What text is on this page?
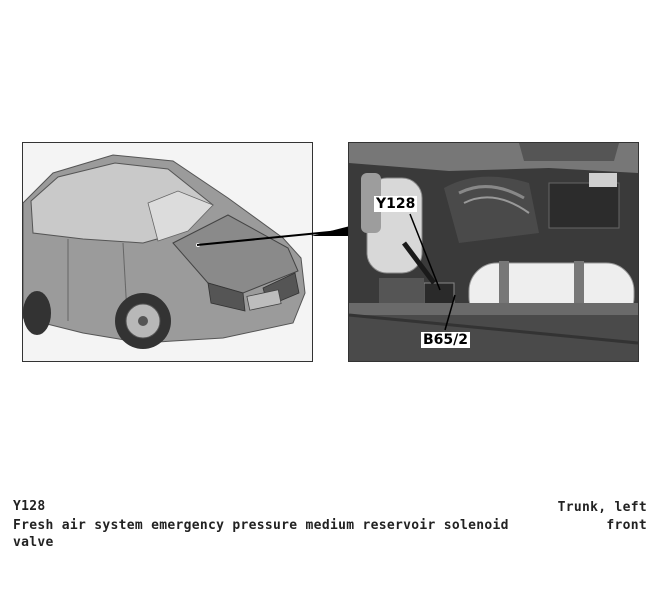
Y128
B65/2
Y128
Fresh air system emergency pressure medium reservoir solenoid valve
Trunk, left
front
